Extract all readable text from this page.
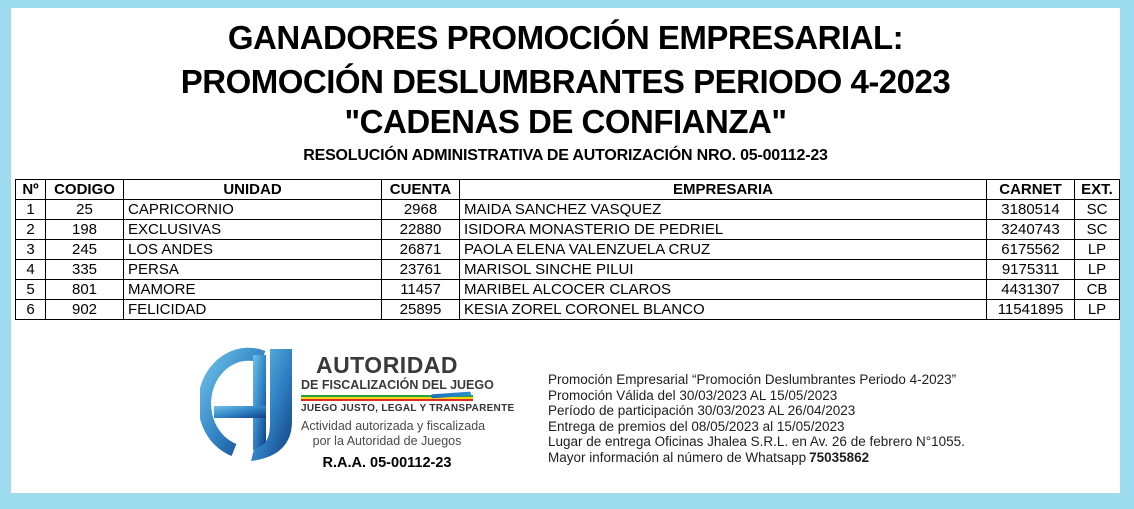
GANADORES PROMOCIÓN EMPRESARIAL:
PROMOCIÓN DESLUMBRANTES PERIODO 4-2023
"CADENAS DE CONFIANZA"
RESOLUCIÓN ADMINISTRATIVA DE AUTORIZACIÓN NRO. 05-00112-23
Nº	CODIGO	UNIDAD	CUENTA	EMPRESARIA	CARNET	EXT.
1	25	CAPRICORNIO	2968	MAIDA SANCHEZ VASQUEZ	3180514	SC
2	198	EXCLUSIVAS	22880	ISIDORA MONASTERIO DE PEDRIEL	3240743	SC
3	245	LOS ANDES	26871	PAOLA ELENA VALENZUELA CRUZ	6175562	LP
4	335	PERSA	23761	MARISOL SINCHE PILUI	9175311	LP
5	801	MAMORE	11457	MARIBEL ALCOCER CLAROS	4431307	CB
6	902	FELICIDAD	25895	KESIA ZOREL CORONEL BLANCO	11541895	LP
AUTORIDAD
DE FISCALIZACIÓN DEL JUEGO
JUEGO JUSTO, LEGAL Y TRANSPARENTE
Actividad autorizada y fiscalizada
por la Autoridad de Juegos
R.A.A. 05-00112-23
Promoción Empresarial “Promoción Deslumbrantes Periodo 4-2023”
Promoción Válida del 30/03/2023 AL 15/05/2023
Período de participación 30/03/2023 AL 26/04/2023
Entrega de premios del 08/05/2023 al 15/05/2023
Lugar de entrega Oficinas Jhalea S.R.L. en Av. 26 de febrero N°1055.
Mayor información al número de Whatsapp 75035862
